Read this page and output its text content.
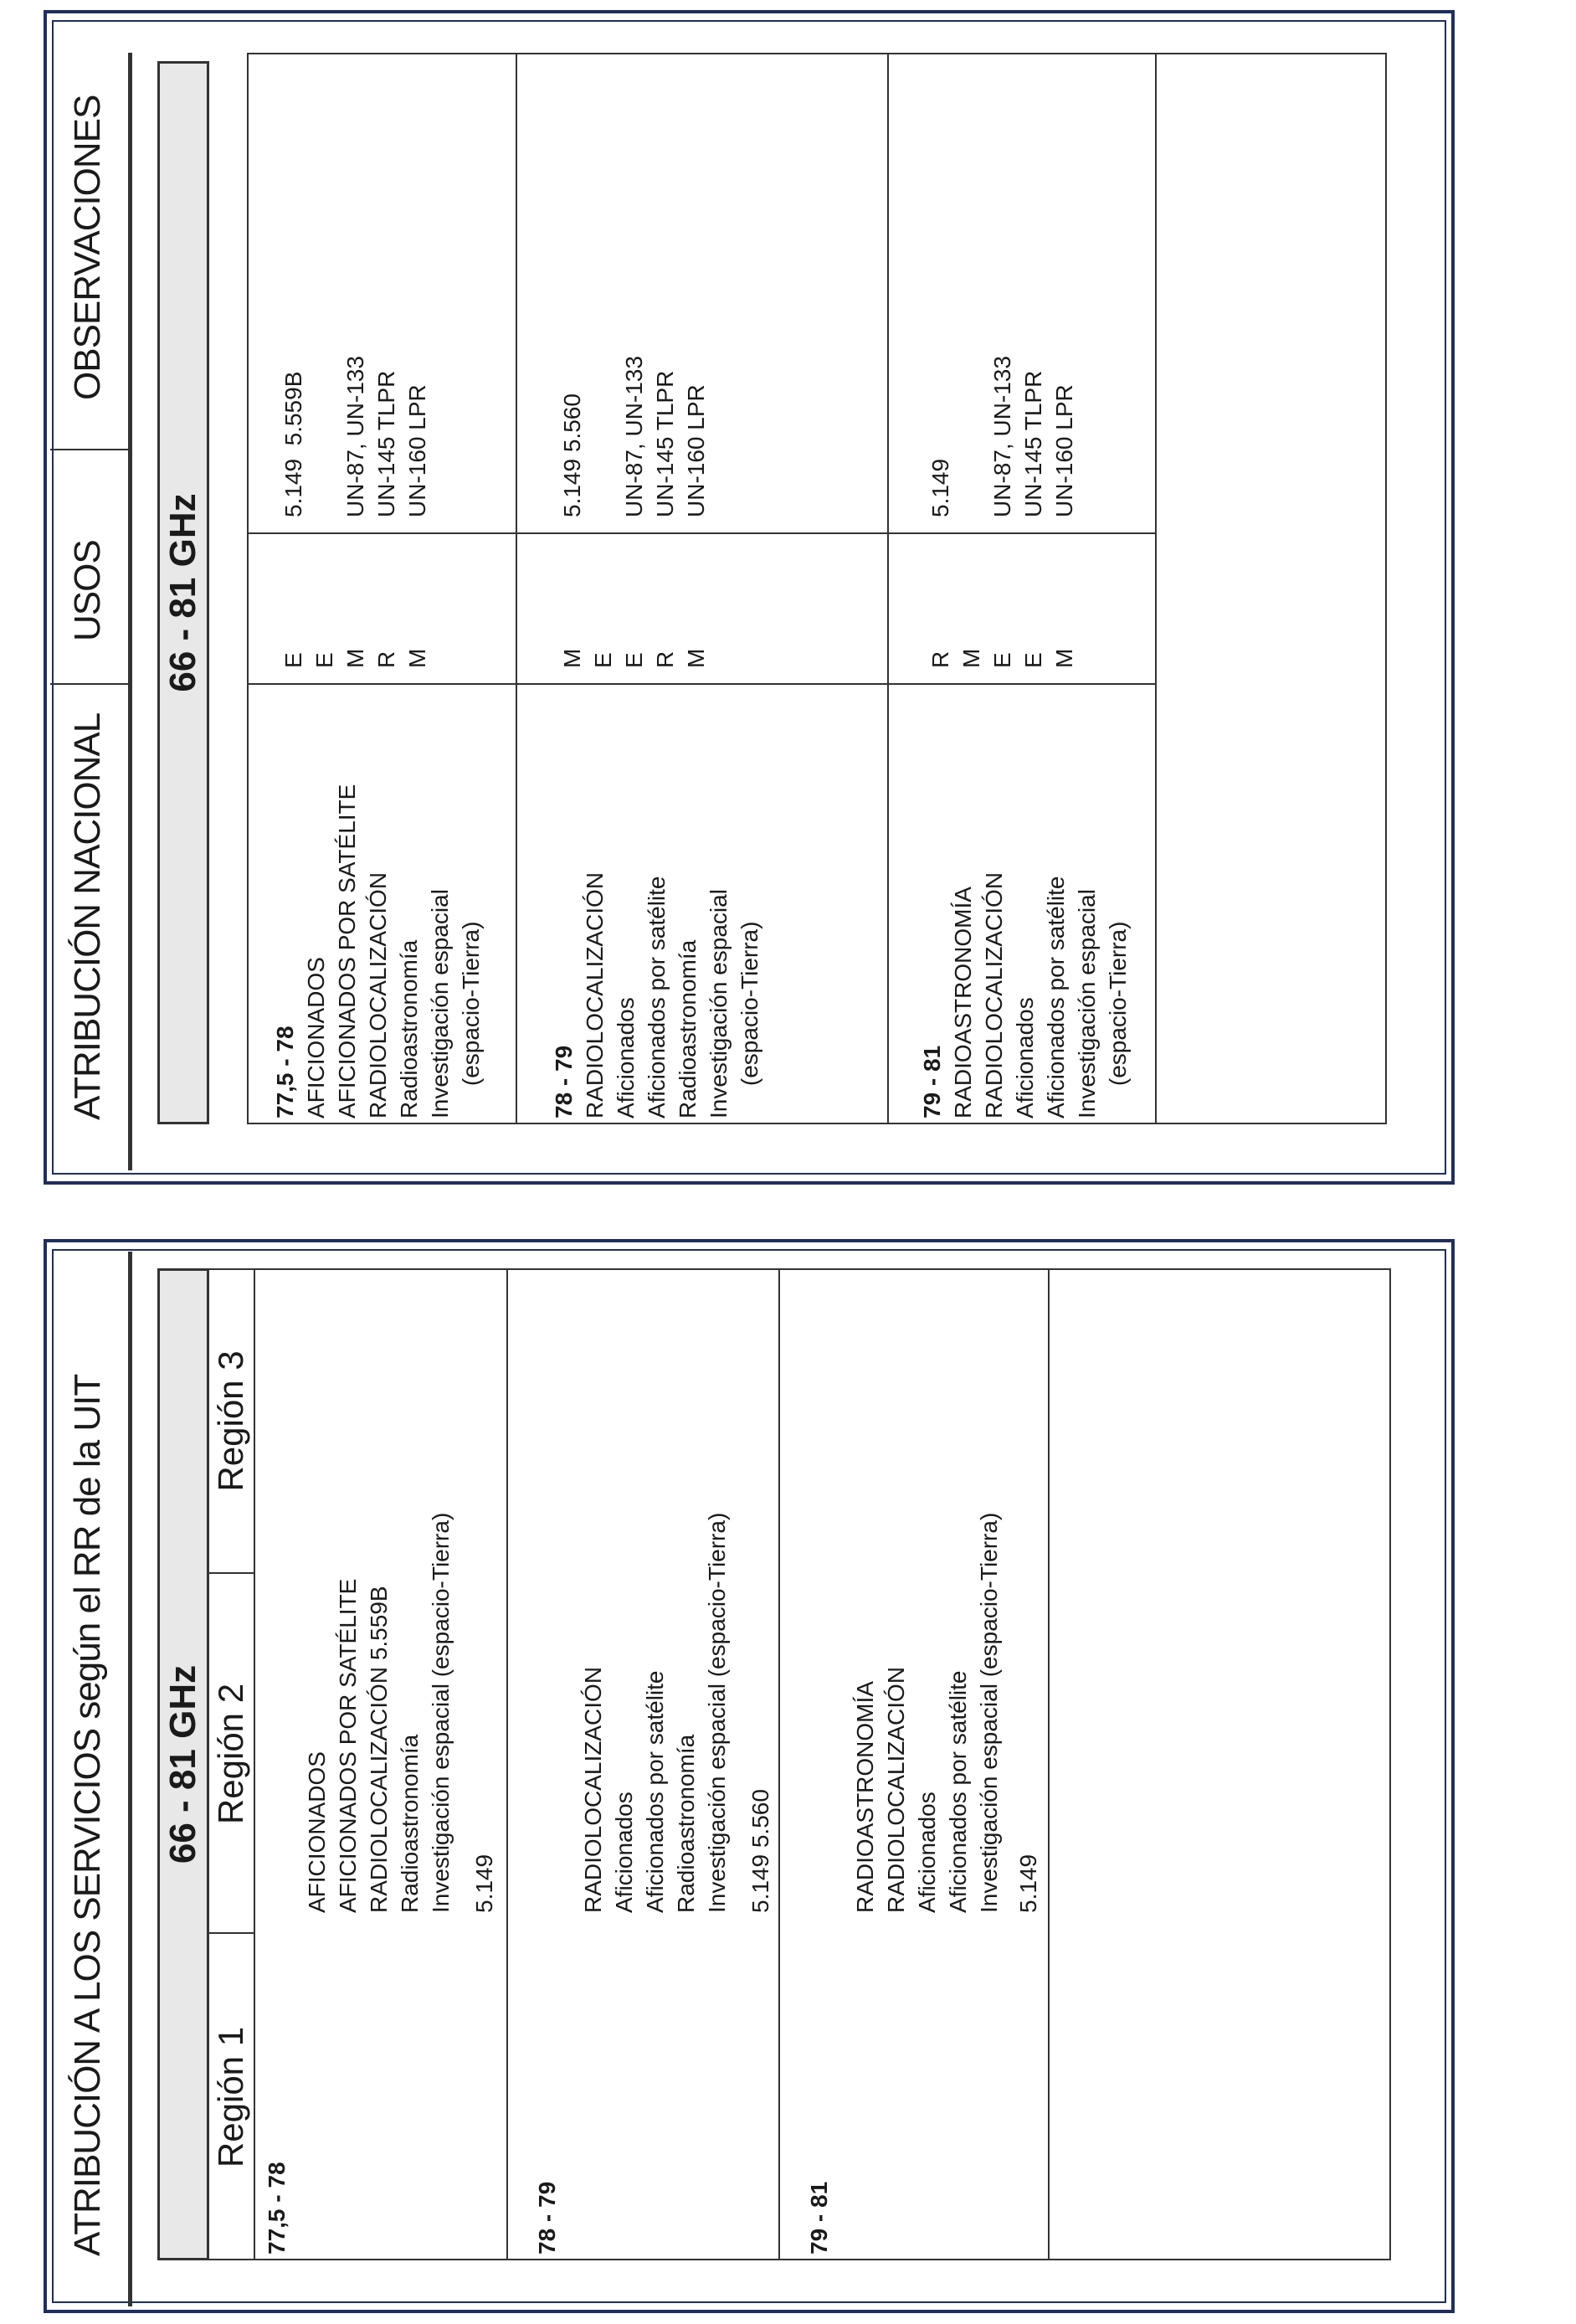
ATRIBUCIÓN NACIONAL
USOS
OBSERVACIONES
66 - 81 GHz
77,5 - 78 AFICIONADOS
AFICIONADOS POR SATÉLITE
RADIOLOCALIZACIÓN
Radioastronomía
Investigación espacial
(espacio-Tierra)
E
E
M
R
M
5.149  5.559B UN-87, UN-133
UN-145 TLPR
UN-160 LPR
78 - 79 RADIOLOCALIZACIÓN
Aficionados
Aficionados por satélite
Radioastronomía
Investigación espacial
(espacio-Tierra)
M
E
E
R
M
5.149 5.560 UN-87, UN-133
UN-145 TLPR
UN-160 LPR
79 - 81 RADIOASTRONOMÍA
RADIOLOCALIZACIÓN
Aficionados
Aficionados por satélite
Investigación espacial
(espacio-Tierra)
R
M
E
E
M
5.149 UN-87, UN-133
UN-145 TLPR
UN-160 LPR
ATRIBUCIÓN A LOS SERVICIOS según el RR de la UIT 66 - 81 GHz
Región 1
Región 2
Región 3
77,5 - 78
AFICIONADOS
AFICIONADOS POR SATÉLITE
RADIOLOCALIZACIÓN 5.559B
Radioastronomía
Investigación espacial (espacio-Tierra)
5.149
78 - 79
RADIOLOCALIZACIÓN
Aficionados
Aficionados por satélite
Radioastronomía
Investigación espacial (espacio-Tierra)
5.149 5.560
79 - 81
RADIOASTRONOMÍA
RADIOLOCALIZACIÓN
Aficionados
Aficionados por satélite
Investigación espacial (espacio-Tierra)
5.149
